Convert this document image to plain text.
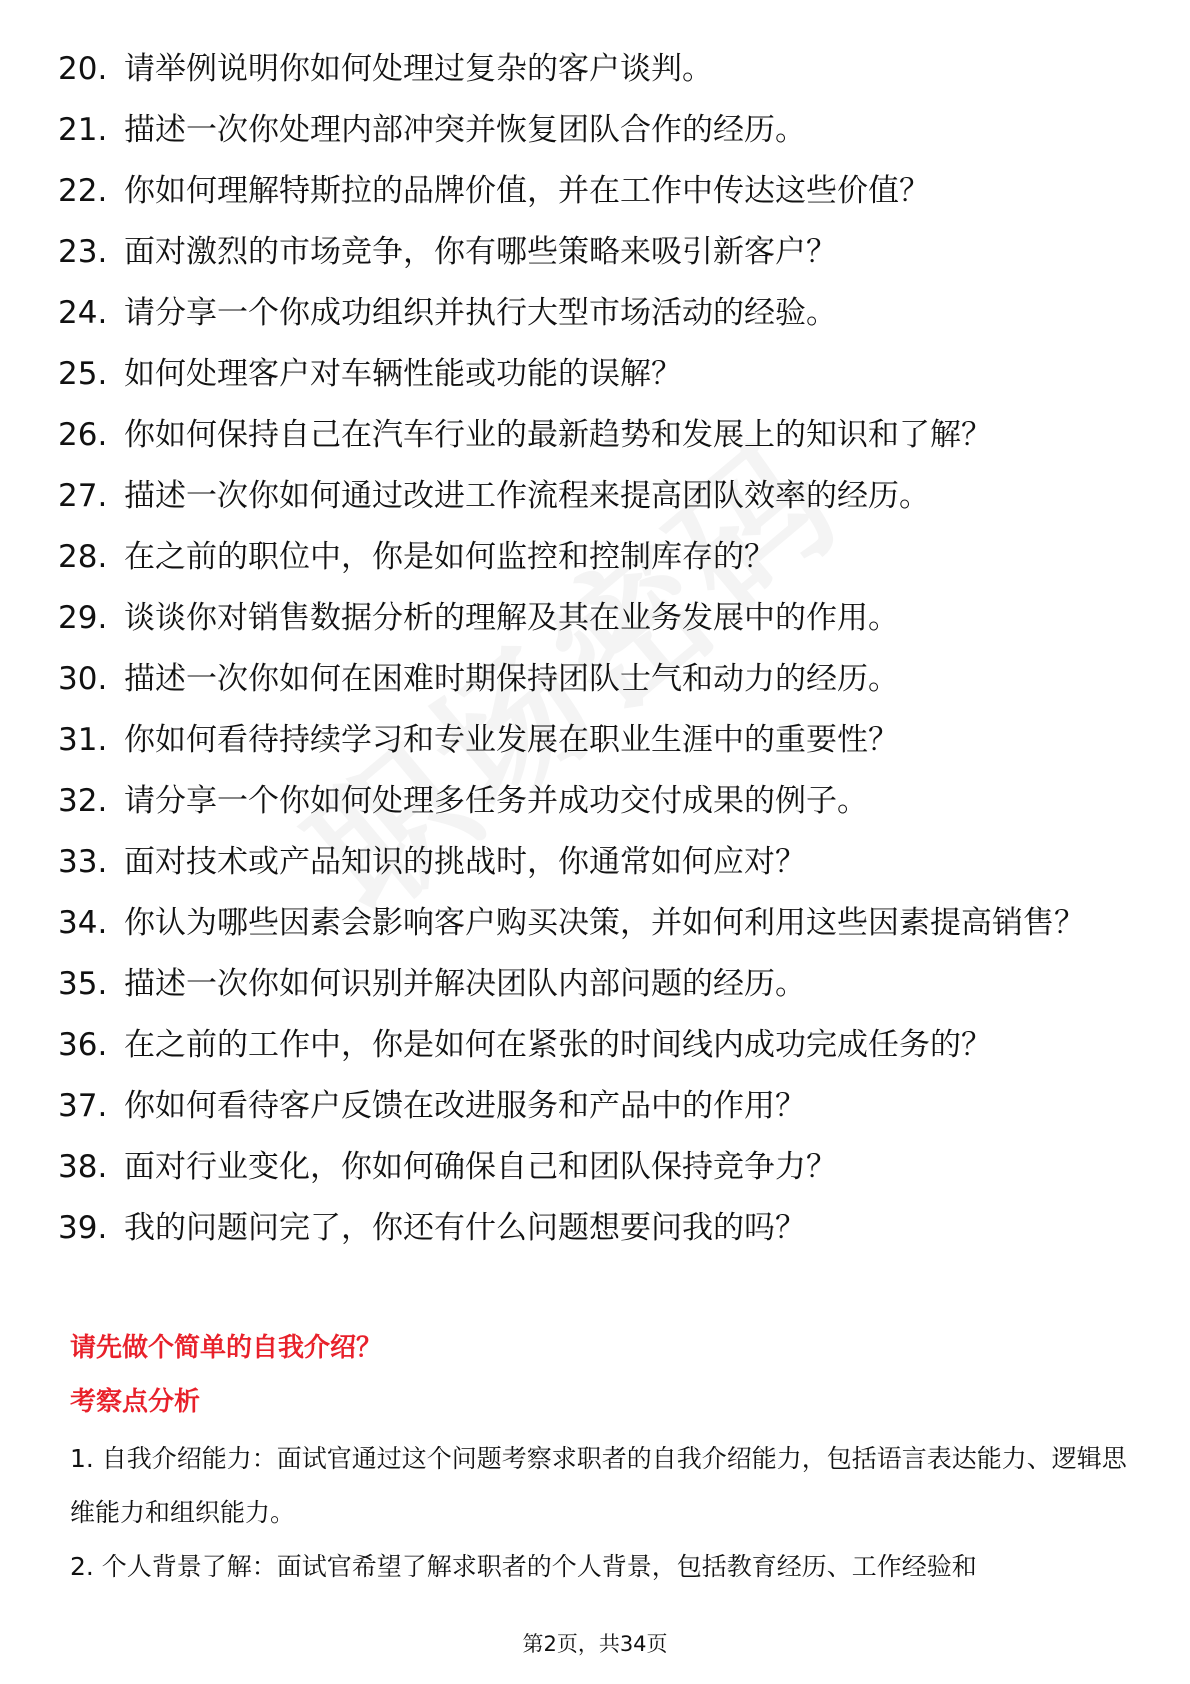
20. 请举例说明你如何处理过复杂的客户谈判。
21. 描述一次你处理内部冲突并恢复团队合作的经历。
22. 你如何理解特斯拉的品牌价值，并在工作中传达这些价值？
23. 面对激烈的市场竞争，你有哪些策略来吸引新客户？
24. 请分享一个你成功组织并执行大型市场活动的经验。
25. 如何处理客户对车辆性能或功能的误解？
26. 你如何保持自己在汽车行业的最新趋势和发展上的知识和了解？
27. 描述一次你如何通过改进工作流程来提高团队效率的经历。
28. 在之前的职位中，你是如何监控和控制库存的？
29. 谈谈你对销售数据分析的理解及其在业务发展中的作用。
30. 描述一次你如何在困难时期保持团队士气和动力的经历。
31. 你如何看待持续学习和专业发展在职业生涯中的重要性？
32. 请分享一个你如何处理多任务并成功交付成果的例子。
33. 面对技术或产品知识的挑战时，你通常如何应对？
34. 你认为哪些因素会影响客户购买决策，并如何利用这些因素提高销售？
35. 描述一次你如何识别并解决团队内部问题的经历。
36. 在之前的工作中，你是如何在紧张的时间线内成功完成任务的？
37. 你如何看待客户反馈在改进服务和产品中的作用？
38. 面对行业变化，你如何确保自己和团队保持竞争力？
39. 我的问题问完了，你还有什么问题想要问我的吗？
请先做个简单的自我介绍？
考察点分析
1. 自我介绍能力：面试官通过这个问题考察求职者的自我介绍能力，包括语言表达能力、逻辑思维能力和组织能力。
2. 个人背景了解：面试官希望了解求职者的个人背景，包括教育经历、工作经验和
第2页，共34页
